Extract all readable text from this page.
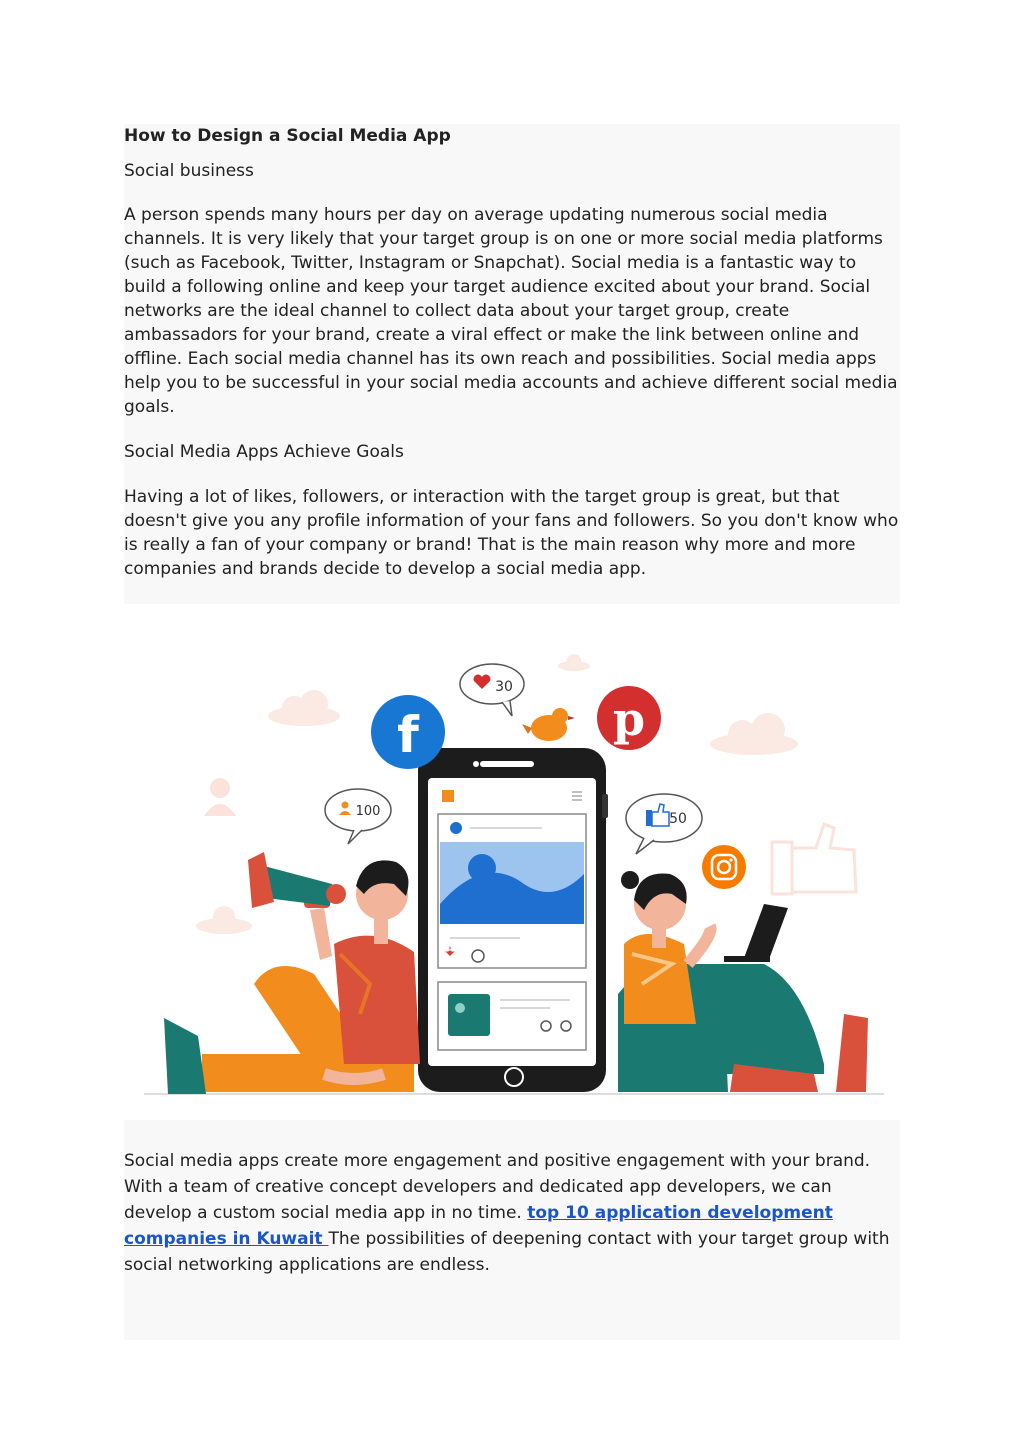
How to Design a Social Media App

Social business

A person spends many hours per day on average updating numerous social media channels. It is very likely that your target group is on one or more social media platforms (such as Facebook, Twitter, Instagram or Snapchat). Social media is a fantastic way to build a following online and keep your target audience excited about your brand. Social networks are the ideal channel to collect data about your target group, create ambassadors for your brand, create a viral effect or make the link between online and offline. Each social media channel has its own reach and possibilities. Social media apps help you to be successful in your social media accounts and achieve different social media goals.

Social Media Apps Achieve Goals

Having a lot of likes, followers, or interaction with the target group is great, but that doesn't give you any profile information of your fans and followers. So you don't know who is really a fan of your company or brand! That is the main reason why more and more companies and brands decide to develop a social media app.

f	p
30
100	50

Social media apps create more engagement and positive engagement with your brand. With a team of creative concept developers and dedicated app developers, we can develop a custom social media app in no time. top 10 application development companies in Kuwait The possibilities of deepening contact with your target group with social networking applications are endless.
